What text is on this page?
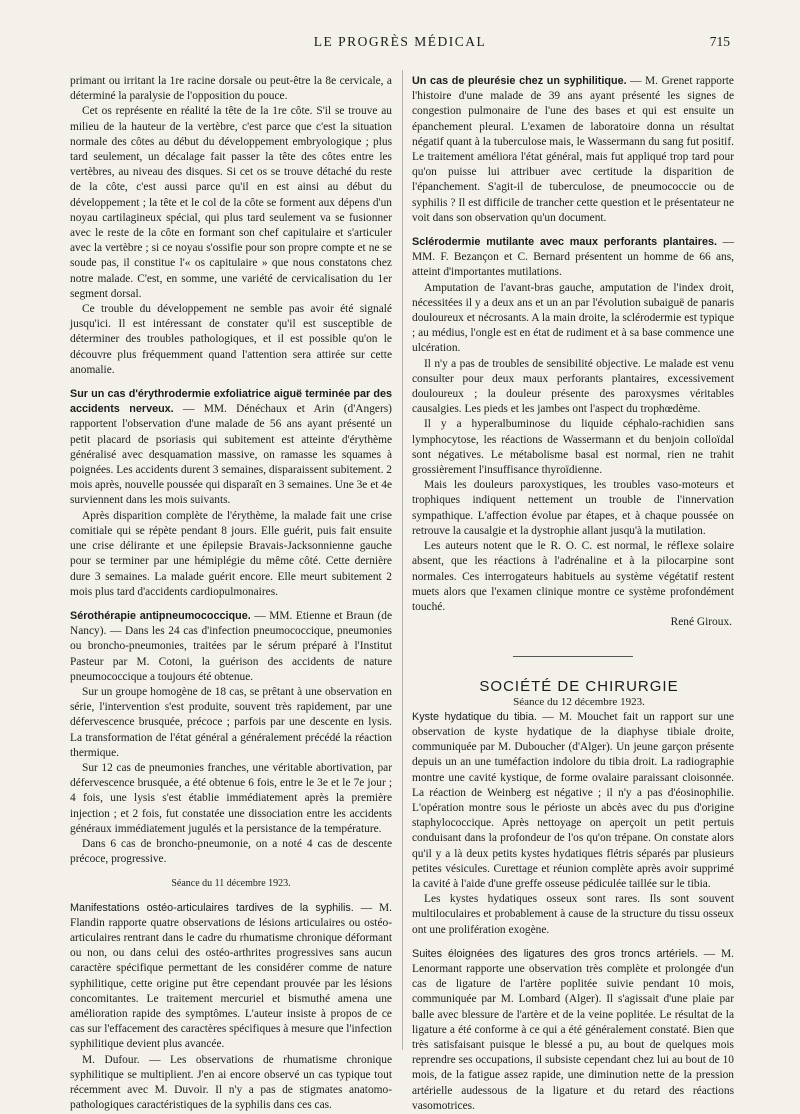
LE PROGRÈS MÉDICAL	715

primant ou irritant la 1re racine dorsale ou peut-être la 8e cervicale, a déterminé la paralysie de l'opposition du pouce.

Cet os représente en réalité la tête de la 1re côte. S'il se trouve au milieu de la hauteur de la vertèbre, c'est parce que c'est la situation normale des côtes au début du développement embryologique ; plus tard seulement, un décalage fait passer la tête des côtes entre les vertèbres, au niveau des disques. Si cet os se trouve détaché du reste de la côte, c'est aussi parce qu'il en est ainsi au début du développement ; la tête et le col de la côte se forment aux dépens d'un noyau cartilagineux spécial, qui plus tard seulement va se fusionner avec le reste de la côte en formant son chef capitulaire et s'articuler avec la vertèbre ; si ce noyau s'ossifie pour son propre compte et ne se soude pas, il constitue l'« os capitulaire » que nous constatons chez notre malade. C'est, en somme, une variété de cervicalisation du 1er segment dorsal.

Ce trouble du développement ne semble pas avoir été signalé jusqu'ici. Il est intéressant de constater qu'il est susceptible de déterminer des troubles pathologiques, et il est possible qu'on le découvre plus fréquemment quand l'attention sera attirée sur cette anomalie.

Sur un cas d'érythrodermie exfoliatrice aiguë terminée par des accidents nerveux. — MM. Dénéchaux et Arin (d'Angers) rapportent l'observation d'une malade de 56 ans ayant présenté un petit placard de psoriasis qui subitement est atteinte d'érythème généralisé avec desquamation massive, on ramasse les squames à poignées. Les accidents durent 3 semaines, disparaissent subitement. 2 mois après, nouvelle poussée qui disparaît en 3 semaines. Une 3e et 4e surviennent dans les mois suivants.

Après disparition complète de l'érythème, la malade fait une crise comitiale qui se répète pendant 8 jours. Elle guérit, puis fait ensuite une crise délirante et une épilepsie Bravais-Jacksonnienne gauche pour se terminer par une hémiplégie du même côté. Cette dernière dure 3 semaines. La malade guérit encore. Elle meurt subitement 2 mois plus tard d'accidents cardiopulmonaires.

Sérothérapie antipneumococcique. — MM. Etienne et Braun (de Nancy). — Dans les 24 cas d'infection pneumococcique, pneumonies ou broncho-pneumonies, traitées par le sérum préparé à l'Institut Pasteur par M. Cotoni, la guérison des accidents de nature pneumococcique a toujours été obtenue.

Sur un groupe homogène de 18 cas, se prêtant à une observation en série, l'intervention s'est produite, souvent très rapidement, par une défervescence brusquée, précoce ; parfois par une descente en lysis. La transformation de l'état général a généralement précédé la réaction thermique.

Sur 12 cas de pneumonies franches, une véritable abortivation, par défervescence brusquée, a été obtenue 6 fois, entre le 3e et le 7e jour ; 4 fois, une lysis s'est établie immédiatement après la première injection ; et 2 fois, fut constatée une dissociation entre les accidents généraux immédiatement jugulés et la persistance de la température.

Dans 6 cas de broncho-pneumonie, on a noté 4 cas de descente précoce, progressive.

Séance du 11 décembre 1923.

Manifestations ostéo-articulaires tardives de la syphilis. — M. Flandin rapporte quatre observations de lésions articulaires ou ostéo-articulaires rentrant dans le cadre du rhumatisme chronique déformant ou non, ou dans celui des ostéo-arthrites progressives sans aucun caractère spécifique permettant de les considérer comme de nature syphilitique, cette origine put être cependant prouvée par les lésions concomitantes. Le traitement mercuriel et bismuthé amena une amélioration rapide des symptômes. L'auteur insiste à propos de ce cas sur l'effacement des caractères spécifiques à mesure que l'infection syphilitique devient plus avancée.

M. Dufour. — Les observations de rhumatisme chronique syphilitique se multiplient. J'en ai encore observé un cas typique tout récemment avec M. Duvoir. Il n'y a pas de stigmates anatomo-pathologiques caractéristiques de la syphilis dans ces cas.

Un cas de pleurésie chez un syphilitique. — M. Grenet rapporte l'histoire d'une malade de 39 ans ayant présenté les signes de congestion pulmonaire de l'une des bases et qui est ensuite un épanchement pleural. L'examen de laboratoire donna un résultat négatif quant à la tuberculose mais, le Wassermann du sang fut positif. Le traitement améliora l'état général, mais fut appliqué trop tard pour qu'on puisse lui attribuer avec certitude la disparition de l'épanchement. S'agit-il de tuberculose, de pneumococcie ou de syphilis ? Il est difficile de trancher cette question et le présentateur ne voit dans son observation qu'un document.

Sclérodermie mutilante avec maux perforants plantaires. — MM. F. Bezançon et C. Bernard présentent un homme de 66 ans, atteint d'importantes mutilations.

Amputation de l'avant-bras gauche, amputation de l'index droit, nécessitées il y a deux ans et un an par l'évolution subaiguë de panaris douloureux et nécrosants. A la main droite, la sclérodermie est typique ; au médius, l'ongle est en état de rudiment et à sa base commence une ulcération.

Il n'y a pas de troubles de sensibilité objective. Le malade est venu consulter pour deux maux perforants plantaires, excessivement douloureux ; la douleur présente des paroxysmes véritables causalgies. Les pieds et les jambes ont l'aspect du trophœdème.

Il y a hyperalbuminose du liquide céphalo-rachidien sans lymphocytose, les réactions de Wassermann et du benjoin colloïdal sont négatives. Le métabolisme basal est normal, rien ne trahit grossièrement l'insuffisance thyroïdienne.

Mais les douleurs paroxystiques, les troubles vaso-moteurs et trophiques indiquent nettement un trouble de l'innervation sympathique. L'affection évolue par étapes, et à chaque poussée on retrouve la causalgie et la dystrophie allant jusqu'à la mutilation.

Les auteurs notent que le R. O. C. est normal, le réflexe solaire absent, que les réactions à l'adrénaline et à la pilocarpine sont normales. Ces interrogateurs habituels au système végétatif restent muets alors que l'examen clinique montre ce système profondément touché.

René Giroux.

SOCIÉTÉ DE CHIRURGIE

Séance du 12 décembre 1923.

Kyste hydatique du tibia. — M. Mouchet fait un rapport sur une observation de kyste hydatique de la diaphyse tibiale droite, communiquée par M. Duboucher (d'Alger). Un jeune garçon présente depuis un an une tuméfaction indolore du tibia droit. La radiographie montre une cavité kystique, de forme ovalaire paraissant cloisonnée. La réaction de Weinberg est négative ; il n'y a pas d'éosinophilie. L'opération montre sous le périoste un abcès avec du pus d'origine staphylococcique. Après nettoyage on aperçoit un petit pertuis conduisant dans la profondeur de l'os qu'on trépane. On constate alors qu'il y a là deux petits kystes hydatiques flétris séparés par plusieurs petites vésicules. Curettage et réunion complète après avoir supprimé la cavité à l'aide d'une greffe osseuse pédiculée taillée sur le tibia.

Les kystes hydatiques osseux sont rares. Ils sont souvent multiloculaires et probablement à cause de la structure du tissu osseux ont une prolifération exogène.

Suites éloignées des ligatures des gros troncs artériels. — M. Lenormant rapporte une observation très complète et prolongée d'un cas de ligature de l'artère poplitée suivie pendant 10 mois, communiquée par M. Lombard (Alger). Il s'agissait d'une plaie par balle avec blessure de l'artère et de la veine poplitée. Le résultat de la ligature a été conforme à ce qui a été généralement constaté. Bien que très satisfaisant puisque le blessé a pu, au bout de quelques mois reprendre ses occupations, il subsiste cependant chez lui au bout de 10 mois, de la fatigue assez rapide, une diminution nette de la pression artérielle audessous de la ligature et du retard des réactions vasomotrices.
